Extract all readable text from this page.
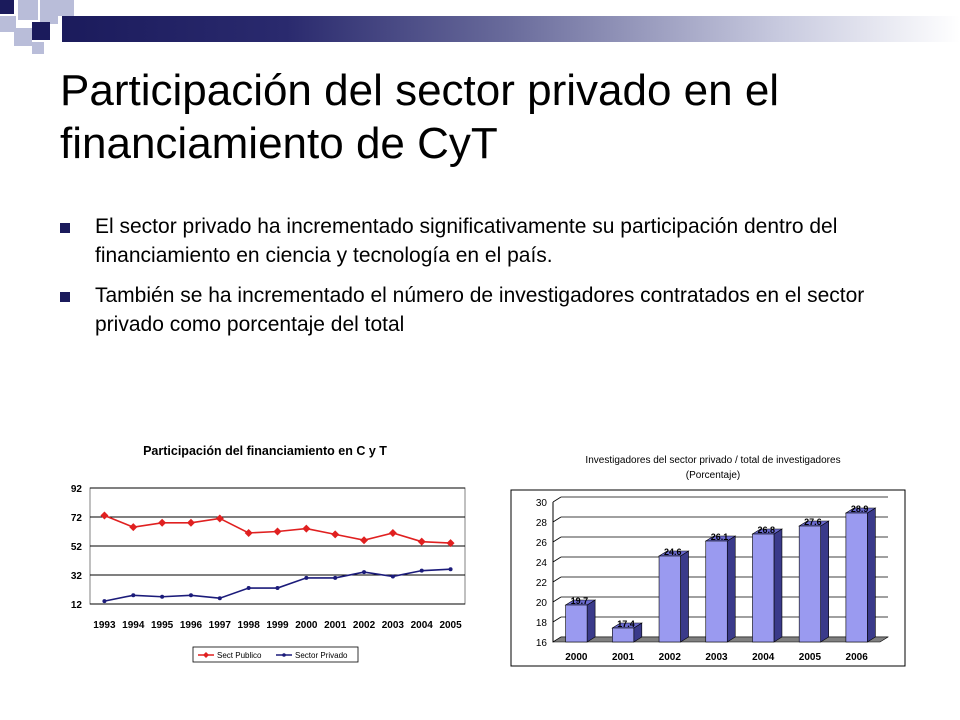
Participación del sector privado en el financiamiento de CyT
El sector privado ha incrementado significativamente su participación dentro del financiamiento en ciencia y tecnología en el país.
También se ha incrementado el número de investigadores contratados en el sector privado como porcentaje del total
Participación del financiamiento en C y T
12
32
52
72
92
1993 1994 1995 1996 1997 1998 1999 2000 2001 2002 2003 2004 2005
Sect Publico	Sector Privado
Investigadores del sector privado / total de investigadores
(Porcentaje)
19.7
17.4
24.6
26.1
26.8
27.6
28.9
16
18
20
22
24
26
28
30
2000 2001 2002 2003 2004 2005 2006
